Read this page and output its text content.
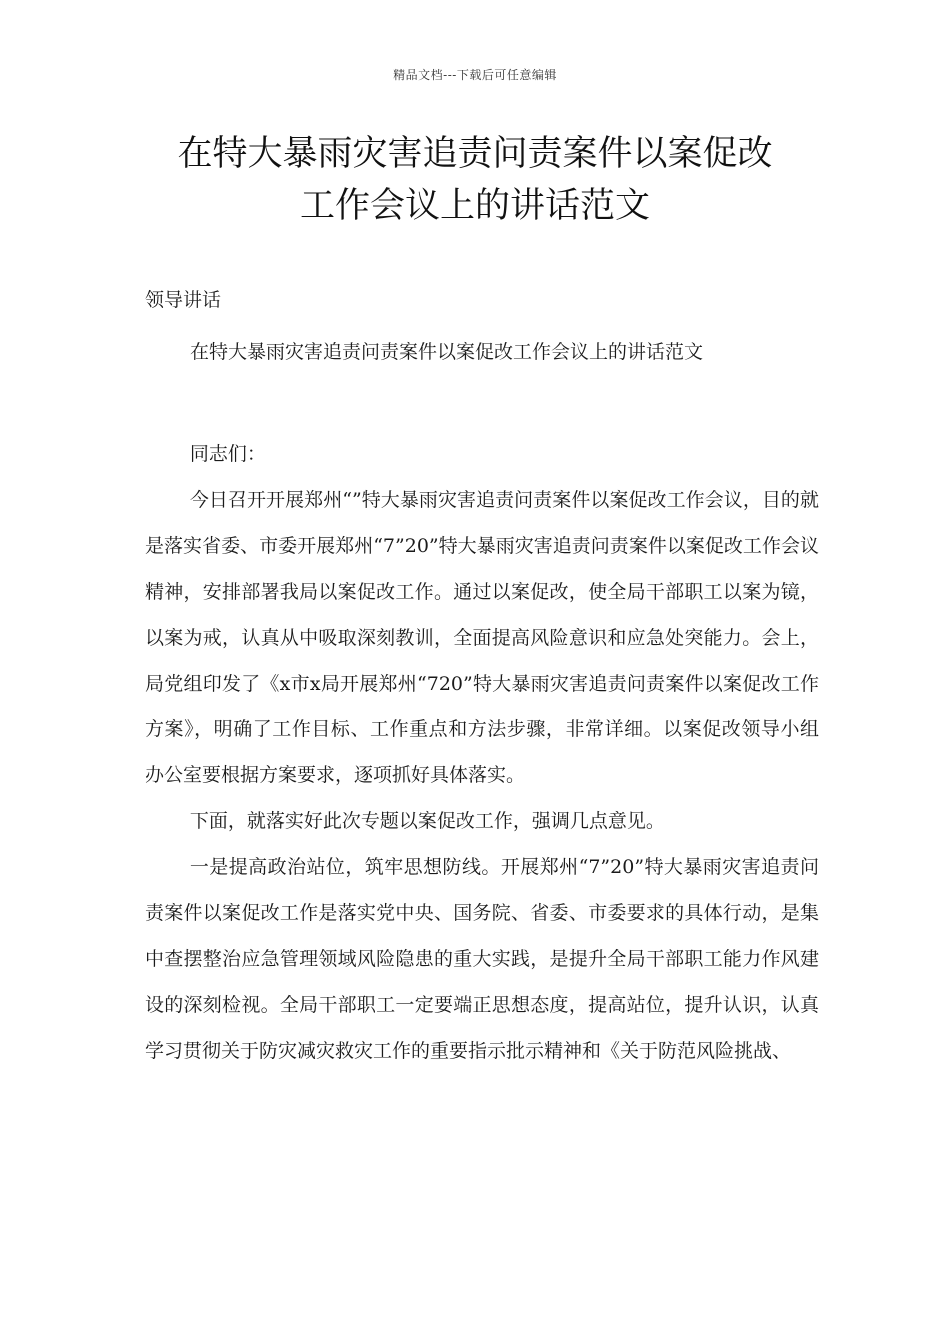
精品文档---下载后可任意编辑
在特大暴雨灾害追责问责案件以案促改
工作会议上的讲话范文
领导讲话
在特大暴雨灾害追责问责案件以案促改工作会议上的讲话范文

同志们：

今日召开开展郑州“”特大暴雨灾害追责问责案件以案促改工作会议，目的就是落实省委、市委开展郑州“7”20”特大暴雨灾害追责问责案件以案促改工作会议精神，安排部署我局以案促改工作。通过以案促改，使全局干部职工以案为镜，以案为戒，认真从中吸取深刻教训，全面提高风险意识和应急处突能力。会上，局党组印发了《x市x局开展郑州“720”特大暴雨灾害追责问责案件以案促改工作方案》，明确了工作目标、工作重点和方法步骤，非常详细。以案促改领导小组办公室要根据方案要求，逐项抓好具体落实。

下面，就落实好此次专题以案促改工作，强调几点意见。

一是提高政治站位，筑牢思想防线。开展郑州“7”20”特大暴雨灾害追责问责案件以案促改工作是落实党中央、国务院、省委、市委要求的具体行动，是集中查摆整治应急管理领域风险隐患的重大实践，是提升全局干部职工能力作风建设的深刻检视。全局干部职工一定要端正思想态度，提高站位，提升认识，认真学习贯彻关于防灾减灾救灾工作的重要指示批示精神和《关于防范风险挑战、
